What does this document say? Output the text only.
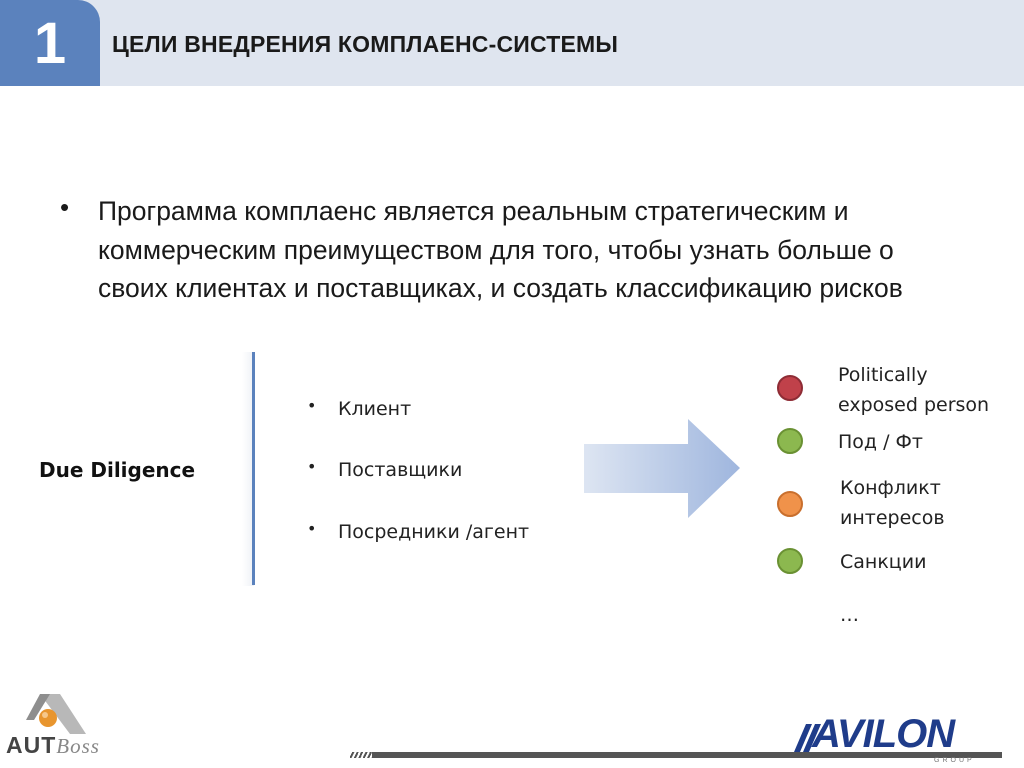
1	ЦЕЛИ ВНЕДРЕНИЯ КОМПЛАЕНС-СИСТЕМЫ
• Программа комплаенс является реальным стратегическим и коммерческим преимуществом для того, чтобы узнать больше о своих клиентах и поставщиках, и создать классификацию рисков
Due Diligence
• Клиент
• Поставщики
• Посредники /агент
Politically
exposed person
Под / Фт
Конфликт
интересов
Санкции
…
AUTBoss	AVILON
GROUP
